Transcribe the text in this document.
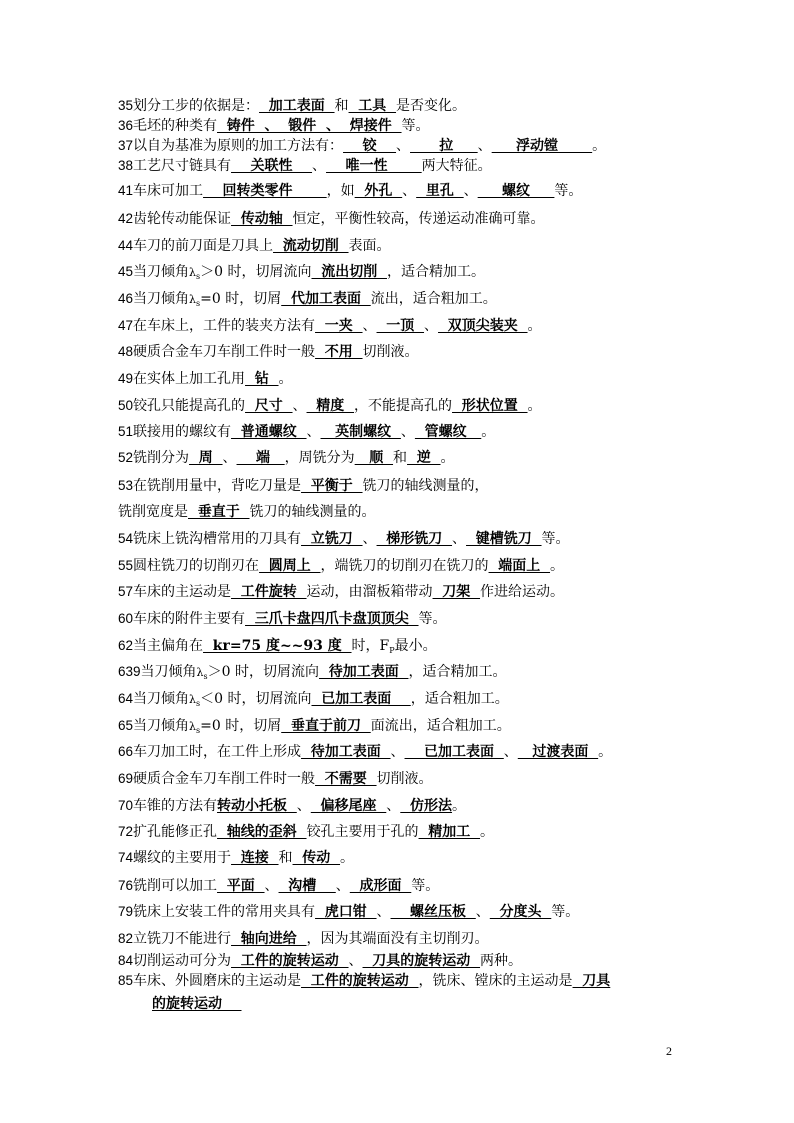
35划分工步的依据是：  加工表面  和  工具  是否变化。
36毛坯的种类有  铸件  、  锻件  、  焊接件  等。
37以自为基准为原则的加工方法有：    铰    、      拉     、     浮动镗       。
38工艺尺寸链具有    关联性    、    唯一性       两大特征。
41车床可加工    回转类零件       ，如  外孔  、  里孔  、     螺纹     等。
42齿轮传动能保证  传动轴  恒定，平衡性较高，传递运动准确可靠。
44车刀的前刀面是刀具上  流动切削  表面。
45当刀倾角$\lambda_s>0$ 时，切屑流向  流出切削  ，适合精加工。
46当刀倾角$\lambda_s=0$ 时，切屑  代加工表面  流出，适合粗加工。
47在车床上，工件的装夹方法有  一夹  、  一顶  、  双顶尖装夹  。
48硬质合金车刀车削工件时一般  不用  切削液。
49在实体上加工孔用  钻  。
50铰孔只能提高孔的  尺寸  、  精度  ，不能提高孔的  形状位置  。
51联接用的螺纹有  普通螺纹  、   英制螺纹  、  管螺纹   。
52铣削分为  周  、    端   ，周铣分为   顺  和  逆  。
53在铣削用量中，背吃刀量是  平衡于  铣刀的轴线测量的，
铣削宽度是  垂直于  铣刀的轴线测量的。
54铣床上铣沟槽常用的刀具有  立铣刀  、  梯形铣刀  、  键槽铣刀  等。
55圆柱铣刀的切削刃在  圆周上  ，端铣刀的切削刃在铣刀的  端面上  。
57车床的主运动是  工件旋转  运动，由溜板箱带动  刀架  作进给运动。
60车床的附件主要有  三爪卡盘四爪卡盘顶顶尖  等。
62当主偏角在  kr=75 度~~93 度  时，$F_P$最小。
639当刀倾角$\lambda_s>0$ 时，切屑流向  待加工表面  ，适合精加工。
64当刀倾角$\lambda_s<0$ 时，切屑流向  已加工表面    ，适合粗加工。
65当刀倾角$\lambda_s=0$ 时，切屑  垂直于前刀  面流出，适合粗加工。
66车刀加工时，在工件上形成  待加工表面  、    已加工表面  、   过渡表面  。
69硬质合金车刀车削工件时一般  不需要  切削液。
70车锥的方法有转动小托板  、  偏移尾座  、  仿形法。
72扩孔能修正孔  轴线的歪斜  铰孔主要用于孔的  精加工  。
74螺纹的主要用于  连接  和  传动  。
76铣削可以加工  平面  、  沟槽    、  成形面  等。
79铣床上安装工件的常用夹具有  虎口钳  、    螺丝压板  、  分度头  等。
82立铣刀不能进行  轴向进给  ，因为其端面没有主切削刃。
84切削运动可分为  工件的旋转运动  、  刀具的旋转运动  两种。
85车床、外圆磨床的主运动是  工件的旋转运动  ，铣床、镗床的主运动是  刀具
的旋转运动
2
